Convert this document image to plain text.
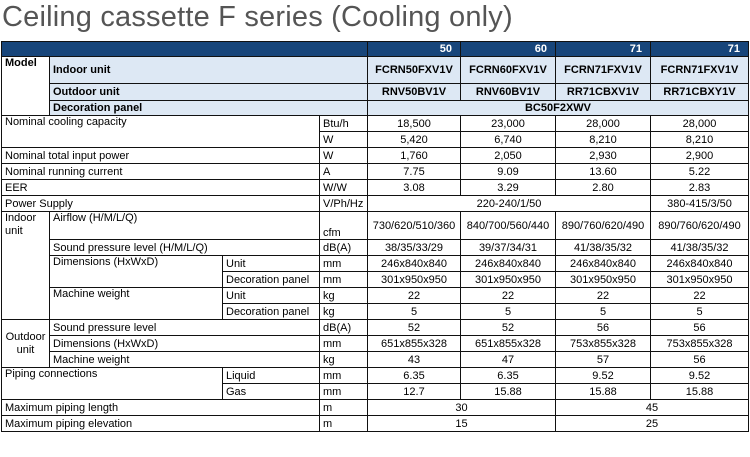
Ceiling cassette F series (Cooling only)
				50	60	71	71
Model	Indoor unit			FCRN50FXV1V	FCRN60FXV1V	FCRN71FXV1V	FCRN71FXV1V
	Outdoor unit			RNV50BV1V	RNV60BV1V	RR71CBXV1V	RR71CBXY1V
	Decoration panel			BC50F2XWV			
Nominal cooling capacity			Btu/h	18,500	23,000	28,000	28,000
			W	5,420	6,740	8,210	8,210
Nominal total input power			W	1,760	2,050	2,930	2,900
Nominal running current			A	7.75	9.09	13.60	5.22
EER			W/W	3.08	3.29	2.80	2.83
Power Supply			V/Ph/Hz	220-240/1/50			380-415/3/50
Indoor unit	Airflow (H/M/L/Q)		cfm	730/620/510/360	840/700/560/440	890/760/620/490	890/760/620/490
	Sound pressure level (H/M/L/Q)		dB(A)	38/35/33/29	39/37/34/31	41/38/35/32	41/38/35/32
	Dimensions (HxWxD)	Unit	mm	246x840x840	246x840x840	246x840x840	246x840x840
		Decoration panel	mm	301x950x950	301x950x950	301x950x950	301x950x950
	Machine weight	Unit	kg	22	22	22	22
		Decoration panel	kg	5	5	5	5
Outdoor unit	Sound pressure level		dB(A)	52	52	56	56
	Dimensions (HxWxD)		mm	651x855x328	651x855x328	753x855x328	753x855x328
	Machine weight		kg	43	47	57	56
Piping connections		Liquid	mm	6.35	6.35	9.52	9.52
		Gas	mm	12.7	15.88	15.88	15.88
Maximum piping length			m	30		45	
Maximum piping elevation			m	15		25	
